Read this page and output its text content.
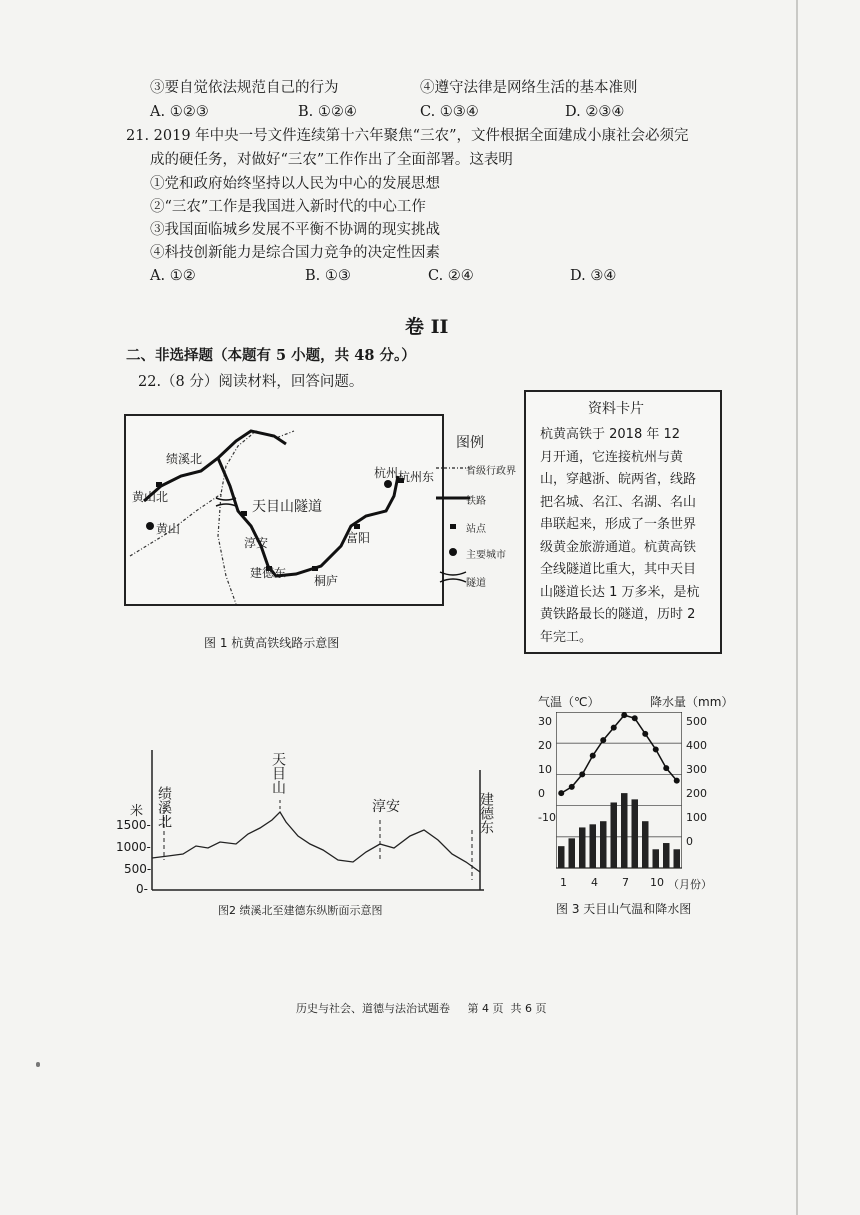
③要自觉依法规范自己的行为	④遵守法律是网络生活的基本准则
A. ①②③	B. ①②④	C. ①③④	D. ②③④
21. 2019 年中央一号文件连续第十六年聚焦“三农”，文件根据全面建成小康社会必须完
成的硬任务，对做好“三农”工作作出了全面部署。这表明
①党和政府始终坚持以人民为中心的发展思想
②“三农”工作是我国进入新时代的中心工作
③我国面临城乡发展不平衡不协调的现实挑战
④科技创新能力是综合国力竞争的决定性因素
A. ①②	B. ①③	C. ②④	D. ③④
卷 II
二、非选择题（本题有 5 小题，共 48 分。）
22.（8 分）阅读材料，回答问题。
绩溪北
黄山北
黄山
淳安
建德东
桐庐
富阳
杭州 杭州东
天目山隧道
图例
省级行政界
铁路
站点
主要城市
隧道
图 1 杭黄高铁线路示意图
资料卡片
杭黄高铁于 2018 年 12
月开通，它连接杭州与黄
山，穿越浙、皖两省，线路
把名城、名江、名湖、名山
串联起来，形成了一条世界
级黄金旅游通道。杭黄高铁
全线隧道比重大，其中天目
山隧道长达 1 万多米，是杭
黄铁路最长的隧道，历时 2
年完工。
米
1500-
1000-
500-
0-
天目山
绩溪北	淳安	建德东
图2 绩溪北至建德东纵断面示意图
气温（℃）	降水量（mm）
30
20
10
0
-10
500
400
300
200
100
0
1 4 7 10 （月份）
图 3 天目山气温和降水图
历史与社会、道德与法治试题卷     第 4 页  共 6 页
